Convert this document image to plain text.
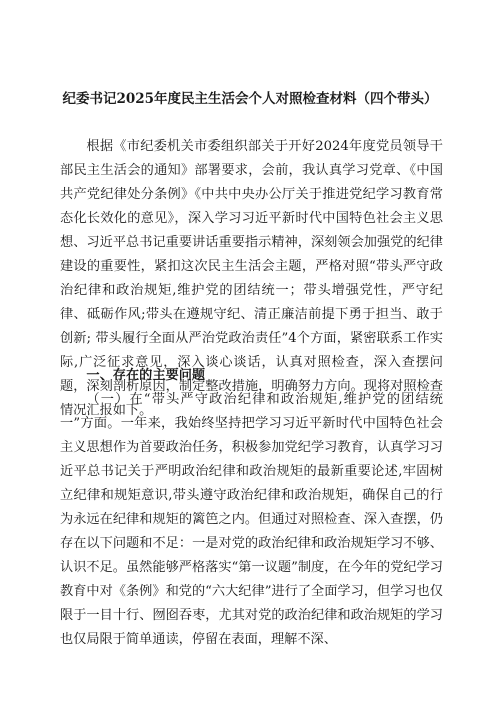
纪委书记2025年度民主生活会个人对照检查材料（四个带头）

根据《市纪委机关市委组织部关于开好2024年度党员领导干部民主生活会的通知》部署要求，会前，我认真学习党章、《中国共产党纪律处分条例》《中共中央办公厅关于推进党纪学习教育常态化长效化的意见》，深入学习习近平新时代中国特色社会主义思想、习近平总书记重要讲话重要指示精神，深刻领会加强党的纪律建设的重要性，紧扣这次民主生活会主题，严格对照“带头严守政治纪律和政治规矩,维护党的团结统一；带头增强党性，严守纪律、砥砺作风;带头在遵规守纪、清正廉洁前提下勇于担当、敢于创新; 带头履行全面从严治党政治责任”4个方面，紧密联系工作实际,广泛征求意见，深入谈心谈话，认真对照检查，深入查摆问题，深刻剖析原因，制定整改措施，明确努力方向。现将对照检查情况汇报如下。

一、存在的主要问题

（一）在“带头严守政治纪律和政治规矩,维护党的团结统一”方面。一年来，我始终坚持把学习习近平新时代中国特色社会主义思想作为首要政治任务，积极参加党纪学习教育，认真学习习近平总书记关于严明政治纪律和政治规矩的最新重要论述,牢固树立纪律和规矩意识,带头遵守政治纪律和政治规矩，确保自己的行为永远在纪律和规矩的篱笆之内。但通过对照检查、深入查摆，仍存在以下问题和不足：一是对党的政治纪律和政治规矩学习不够、认识不足。虽然能够严格落实“第一议题”制度，在今年的党纪学习教育中对《条例》和党的“六大纪律”进行了全面学习，但学习也仅限于一目十行、囫囵吞枣，尤其对党的政治纪律和政治规矩的学习也仅局限于简单通读，停留在表面，理解不深、
